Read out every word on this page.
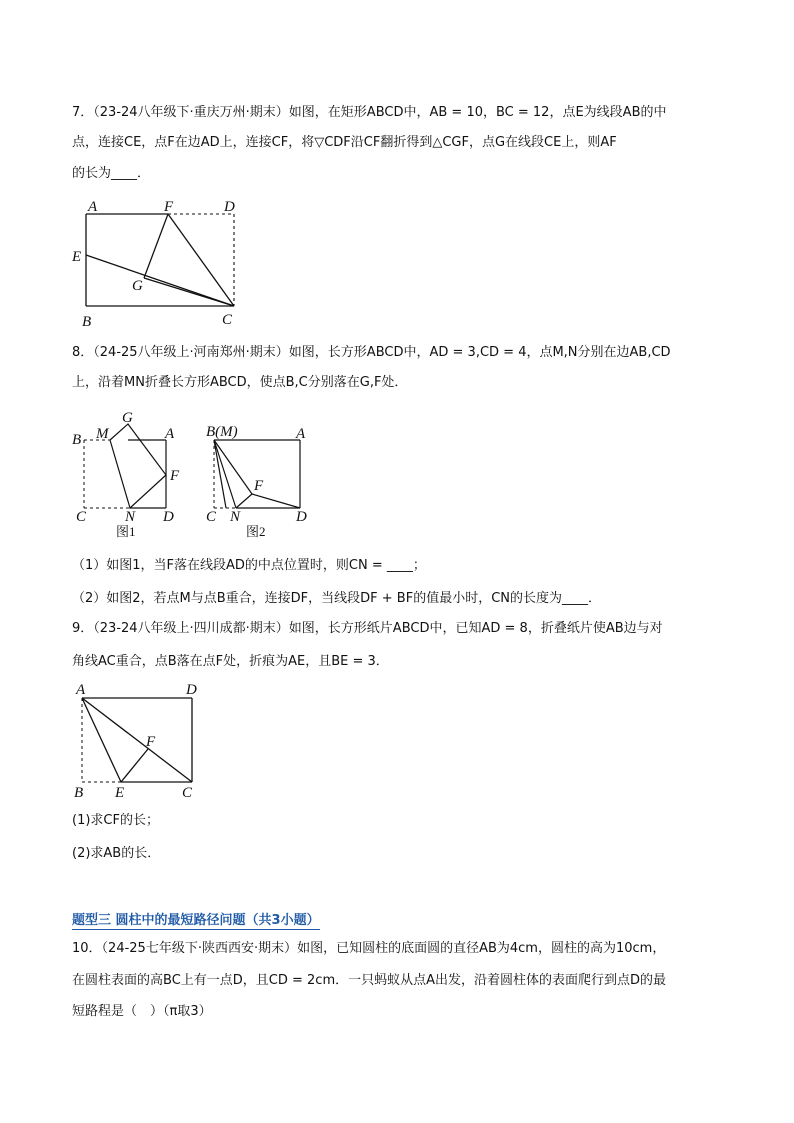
7．（23-24八年级下·重庆万州·期末）如图，在矩形ABCD中，AB = 10，BC = 12，点E为线段AB的中
点，连接CE，点F在边AD上，连接CF，将▽CDF沿CF翻折得到△CGF，点G在线段CE上，则AF
的长为____．
A	F	D
E
G
B	C
8．（24-25八年级上·河南郑州·期末）如图，长方形ABCD中，AD = 3,CD = 4，点M,N分别在边AB,CD
上，沿着MN折叠长方形ABCD，使点B,C分别落在G,F处．
G
B M	A
F
C	N D
图1
B(M)	A
F
C N	D
图2
（1）如图1，当F落在线段AD的中点位置时，则CN = ____；
（2）如图2，若点M与点B重合，连接DF，当线段DF + BF的值最小时，CN的长度为____．
9．（23-24八年级上·四川成都·期末）如图，长方形纸片ABCD中，已知AD = 8，折叠纸片使AB边与对
角线AC重合，点B落在点F处，折痕为AE，且BE = 3．
A	D
F
B E	C
(1)求CF的长；
(2)求AB的长．
题型三 圆柱中的最短路径问题（共3小题）
10．（24-25七年级下·陕西西安·期末）如图，已知圆柱的底面圆的直径AB为4cm，圆柱的高为10cm，
在圆柱表面的高BC上有一点D，且CD = 2cm．一只蚂蚁从点A出发，沿着圆柱体的表面爬行到点D的最
短路程是（　）（π取3）
